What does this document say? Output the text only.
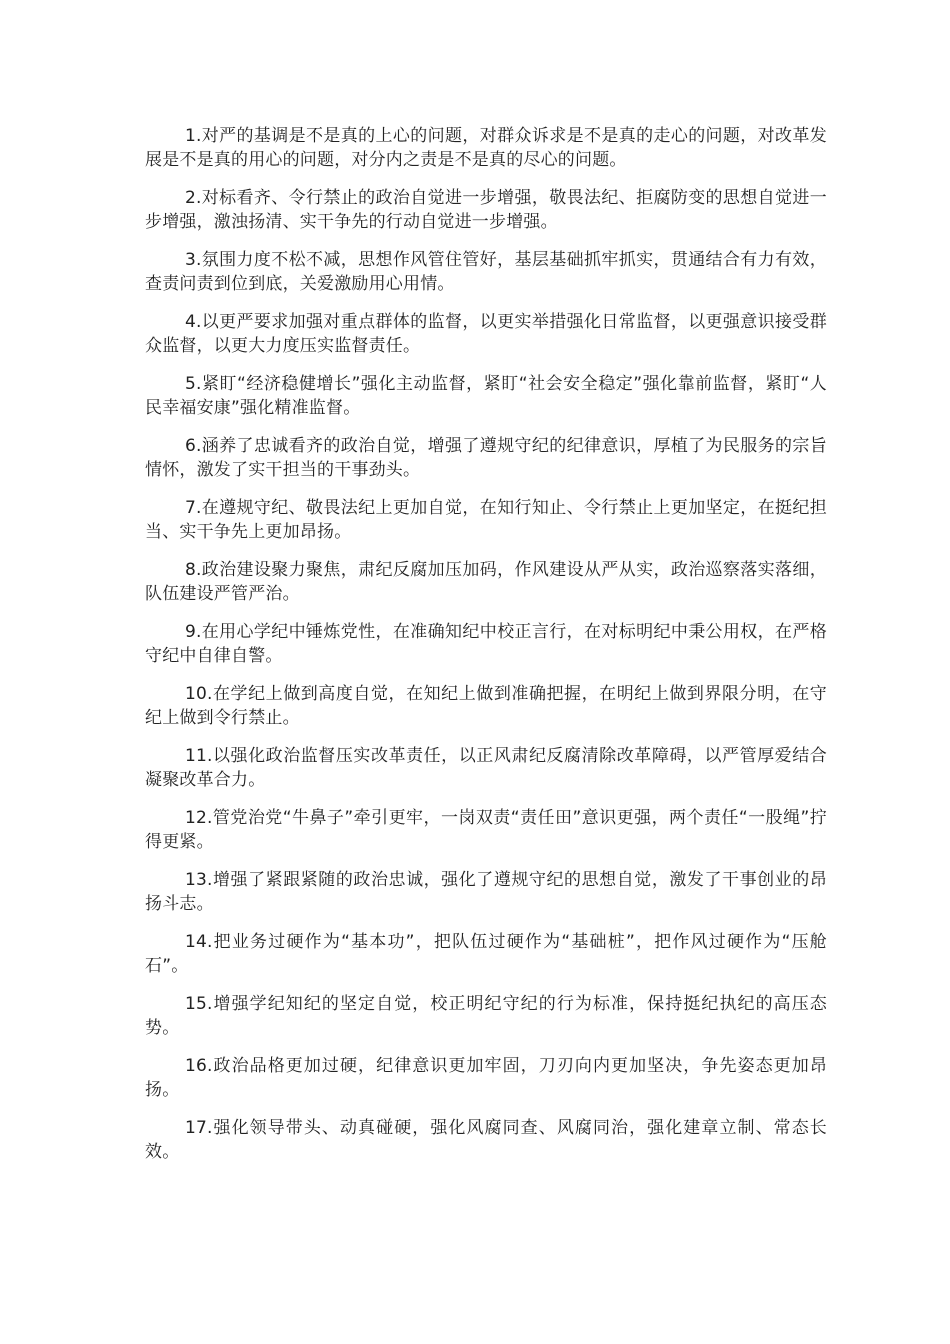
1.对严的基调是不是真的上心的问题，对群众诉求是不是真的走心的问题，对改革发展是不是真的用心的问题，对分内之责是不是真的尽心的问题。

2.对标看齐、令行禁止的政治自觉进一步增强，敬畏法纪、拒腐防变的思想自觉进一步增强，激浊扬清、实干争先的行动自觉进一步增强。

3.氛围力度不松不减，思想作风管住管好，基层基础抓牢抓实，贯通结合有力有效，查责问责到位到底，关爱激励用心用情。

4.以更严要求加强对重点群体的监督，以更实举措强化日常监督，以更强意识接受群众监督，以更大力度压实监督责任。

5.紧盯“经济稳健增长”强化主动监督，紧盯“社会安全稳定”强化靠前监督，紧盯“人民幸福安康”强化精准监督。

6.涵养了忠诚看齐的政治自觉，增强了遵规守纪的纪律意识，厚植了为民服务的宗旨情怀，激发了实干担当的干事劲头。

7.在遵规守纪、敬畏法纪上更加自觉，在知行知止、令行禁止上更加坚定，在挺纪担当、实干争先上更加昂扬。

8.政治建设聚力聚焦，肃纪反腐加压加码，作风建设从严从实，政治巡察落实落细，队伍建设严管严治。

9.在用心学纪中锤炼党性，在准确知纪中校正言行，在对标明纪中秉公用权，在严格守纪中自律自警。

10.在学纪上做到高度自觉，在知纪上做到准确把握，在明纪上做到界限分明，在守纪上做到令行禁止。

11.以强化政治监督压实改革责任，以正风肃纪反腐清除改革障碍，以严管厚爱结合凝聚改革合力。

12.管党治党“牛鼻子”牵引更牢，一岗双责“责任田”意识更强，两个责任“一股绳”拧得更紧。

13.增强了紧跟紧随的政治忠诚，强化了遵规守纪的思想自觉，激发了干事创业的昂扬斗志。

14.把业务过硬作为“基本功”，把队伍过硬作为“基础桩”，把作风过硬作为“压舱石”。

15.增强学纪知纪的坚定自觉，校正明纪守纪的行为标准，保持挺纪执纪的高压态势。

16.政治品格更加过硬，纪律意识更加牢固，刀刃向内更加坚决，争先姿态更加昂扬。

17.强化领导带头、动真碰硬，强化风腐同查、风腐同治，强化建章立制、常态长效。
